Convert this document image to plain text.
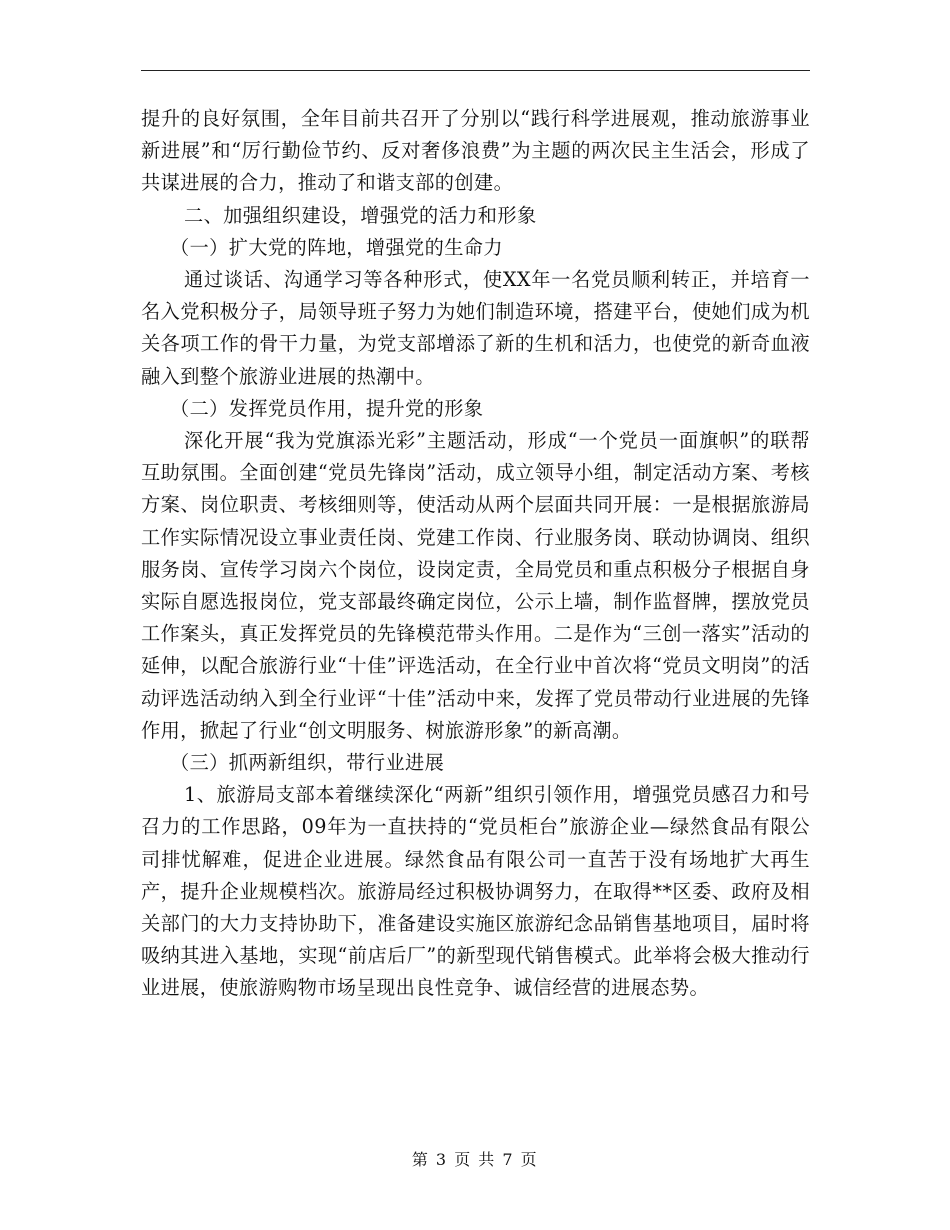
提升的良好氛围，全年目前共召开了分别以“践行科学进展观，推动旅游事业新进展”和“厉行勤俭节约、反对奢侈浪费”为主题的两次民主生活会，形成了共谋进展的合力，推动了和谐支部的创建。

二、加强组织建设，增强党的活力和形象

（一）扩大党的阵地，增强党的生命力

通过谈话、沟通学习等各种形式，使XX年一名党员顺利转正，并培育一名入党积极分子，局领导班子努力为她们制造环境，搭建平台，使她们成为机关各项工作的骨干力量，为党支部增添了新的生机和活力，也使党的新奇血液融入到整个旅游业进展的热潮中。

（二）发挥党员作用，提升党的形象

深化开展“我为党旗添光彩”主题活动，形成“一个党员一面旗帜”的联帮互助氛围。全面创建“党员先锋岗”活动，成立领导小组，制定活动方案、考核方案、岗位职责、考核细则等，使活动从两个层面共同开展：一是根据旅游局工作实际情况设立事业责任岗、党建工作岗、行业服务岗、联动协调岗、组织服务岗、宣传学习岗六个岗位，设岗定责，全局党员和重点积极分子根据自身实际自愿选报岗位，党支部最终确定岗位，公示上墙，制作监督牌，摆放党员工作案头，真正发挥党员的先锋模范带头作用。二是作为“三创一落实”活动的延伸，以配合旅游行业“十佳”评选活动，在全行业中首次将“党员文明岗”的活动评选活动纳入到全行业评“十佳”活动中来，发挥了党员带动行业进展的先锋作用，掀起了行业“创文明服务、树旅游形象”的新高潮。

（三）抓两新组织，带行业进展

1、旅游局支部本着继续深化“两新”组织引领作用，增强党员感召力和号召力的工作思路，09年为一直扶持的“党员柜台”旅游企业—绿然食品有限公司排忧解难，促进企业进展。绿然食品有限公司一直苦于没有场地扩大再生产，提升企业规模档次。旅游局经过积极协调努力，在取得**区委、政府及相关部门的大力支持协助下，准备建设实施区旅游纪念品销售基地项目，届时将吸纳其进入基地，实现“前店后厂”的新型现代销售模式。此举将会极大推动行业进展，使旅游购物市场呈现出良性竞争、诚信经营的进展态势。

第 3 页 共 7 页
